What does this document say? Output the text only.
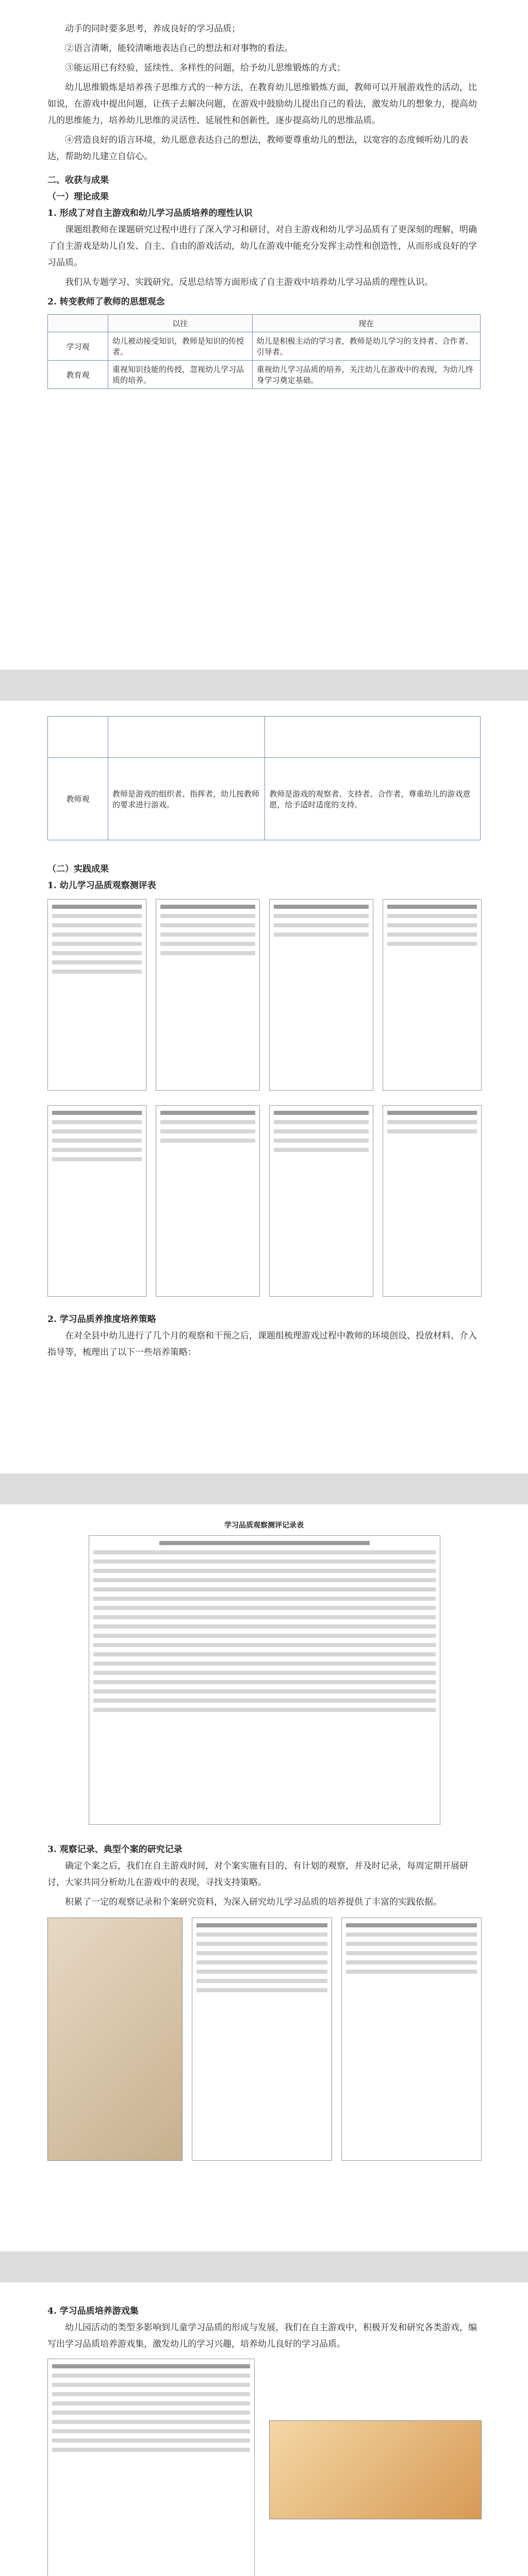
动手的同时要多思考，养成良好的学习品质；

②语言清晰，能较清晰地表达自己的想法和对事物的看法。

③能运用已有经验，延续性、多样性的问题，给予幼儿思维锻炼的方式；

幼儿思维锻炼是培养孩子思维方式的一种方法，在教育幼儿思维锻炼方面，教师可以开展游戏性的活动，比如说，在游戏中提出问题，让孩子去解决问题，在游戏中鼓励幼儿提出自己的看法，激发幼儿的想象力，提高幼儿的思维能力，培养幼儿思维的灵活性、延展性和创新性，逐步提高幼儿的思维品质。

④营造良好的语言环境，幼儿愿意表达自己的想法，教师要尊重幼儿的想法，以宽容的态度倾听幼儿的表达，帮助幼儿建立自信心。

二、收获与成果
（一）理论成果
1. 形成了对自主游戏和幼儿学习品质培养的理性认识

课题组教师在课题研究过程中进行了深入学习和研讨，对自主游戏和幼儿学习品质有了更深刻的理解，明确了自主游戏是幼儿自发、自主、自由的游戏活动，幼儿在游戏中能充分发挥主动性和创造性，从而形成良好的学习品质。

我们从专题学习、实践研究、反思总结等方面形成了自主游戏中培养幼儿学习品质的理性认识。

2. 转变教师了教师的思想观念
	以往	现在
学习观	幼儿被动接受知识，教师是知识的传授者。	幼儿是积极主动的学习者，教师是幼儿学习的支持者、合作者、引导者。
教育观	重视知识技能的传授，忽视幼儿学习品质的培养。	重视幼儿学习品质的培养，关注幼儿在游戏中的表现，为幼儿终身学习奠定基础。

教师观	教师是游戏的组织者、指挥者，幼儿按教师的要求进行游戏。	教师是游戏的观察者、支持者、合作者，尊重幼儿的游戏意愿，给予适时适度的支持。
（二）实践成果
1. 幼儿学习品质观察测评表
2. 学习品质养推度培养策略

在对全县中幼儿进行了几个月的观察和干预之后，课题组梳理游戏过程中教师的环境创设、投放材料、介入指导等，梳理出了以下一些培养策略：

学习品质观察测评记录表
3. 观察记录、典型个案的研究记录

确定个案之后，我们在自主游戏时间，对个案实施有目的、有计划的观察，并及时记录，每周定期开展研讨，大家共同分析幼儿在游戏中的表现，寻找支持策略。

积累了一定的观察记录和个案研究资料，为深入研究幼儿学习品质的培养提供了丰富的实践依据。

4. 学习品质培养游戏集

幼儿园活动的类型多影响到儿童学习品质的形成与发展，我们在自主游戏中，积极开发和研究各类游戏，编写出学习品质培养游戏集，激发幼儿的学习兴趣，培养幼儿良好的学习品质。
